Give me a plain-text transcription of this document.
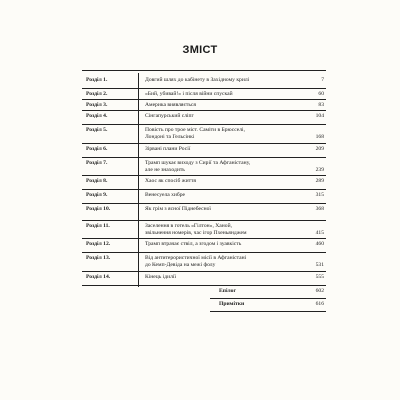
ЗМІСТ
Розділ 1.	Довгий шлях до кабінету в Західному крилі	7
Розділ 2.	«Бий, убивай!» і після війни спускай	60
Розділ 3.	Америка виявляється	83
Розділ 4.	Сінгапурський сліпг	104
Розділ 5.	Повість про трое міст. Саміти в Брюсселі,
Лондоні та Гельсінкі	168
Розділ 6.	Зірвані плани Росії	209
Розділ 7.	Трамп шукає виходу з Сирії та Афганістану,
але не знаходить	239
Розділ 8.	Хаос як спосіб життя	289
Розділ 9.	Венесуела хибре	315
Розділ 10.	Як грім з ясної Піднебесної	368
Розділ 11.	Заселення в готель «Гілтон», Ханой,
звільнення номерів, час ігор Пхеньянджем	415
Розділ 12.	Трамп втрачає ствіл, а згодом і зуавкість	460
Розділ 13.	Від антитерористичної місії в Афганістані
до Кемп-Девіда на межі фолу	531
Розділ 14.	Кінець ідилії	555
Епілог	602
Примітки	616
